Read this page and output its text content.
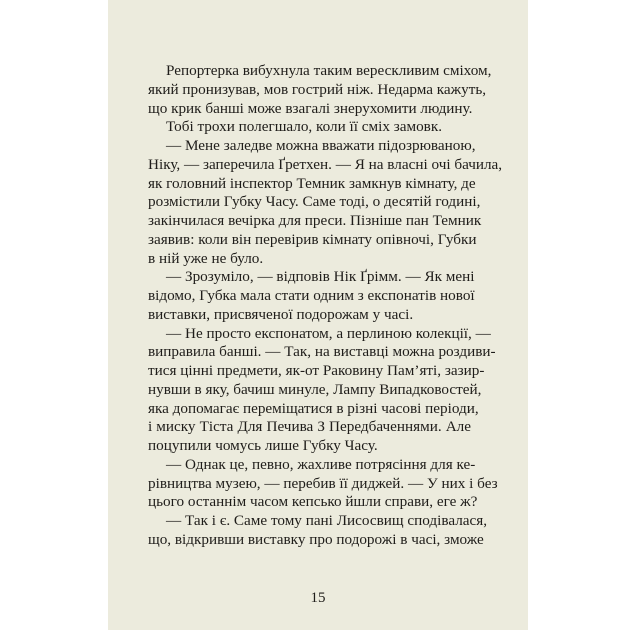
Репортерка вибухнула таким верескливим сміхом,
який пронизував, мов гострий ніж. Недарма кажуть,
що крик банші може взагалі знерухомити людину.
Тобі трохи полегшало, коли її сміх замовк.
— Мене заледве можна вважати підозрюваною,
Ніку, — заперечила Ґретхен. — Я на власні очі бачила,
як головний інспектор Темник замкнув кімнату, де
розмістили Губку Часу. Саме тоді, о десятій годині,
закінчилася вечірка для преси. Пізніше пан Темник
заявив: коли він перевірив кімнату опівночі, Губки
в ній уже не було.
— Зрозуміло, — відповів Нік Ґрімм. — Як мені
відомо, Губка мала стати одним з експонатів нової
виставки, присвяченої подорожам у часі.
— Не просто експонатом, а перлиною колекції, —
виправила банші. — Так, на виставці можна роздиви-
тися цінні предмети, як-от Раковину Пам’яті, зазир-
нувши в яку, бачиш минуле, Лампу Випадковостей,
яка допомагає переміщатися в різні часові періоди,
і миску Тіста Для Печива З Передбаченнями. Але
поцупили чомусь лише Губку Часу.
— Однак це, певно, жахливе потрясіння для ке-
рівництва музею, — перебив її диджей. — У них і без
цього останнім часом кепсько йшли справи, еге ж?
— Так і є. Саме тому пані Лисосвищ сподівалася,
що, відкривши виставку про подорожі в часі, зможе
15
